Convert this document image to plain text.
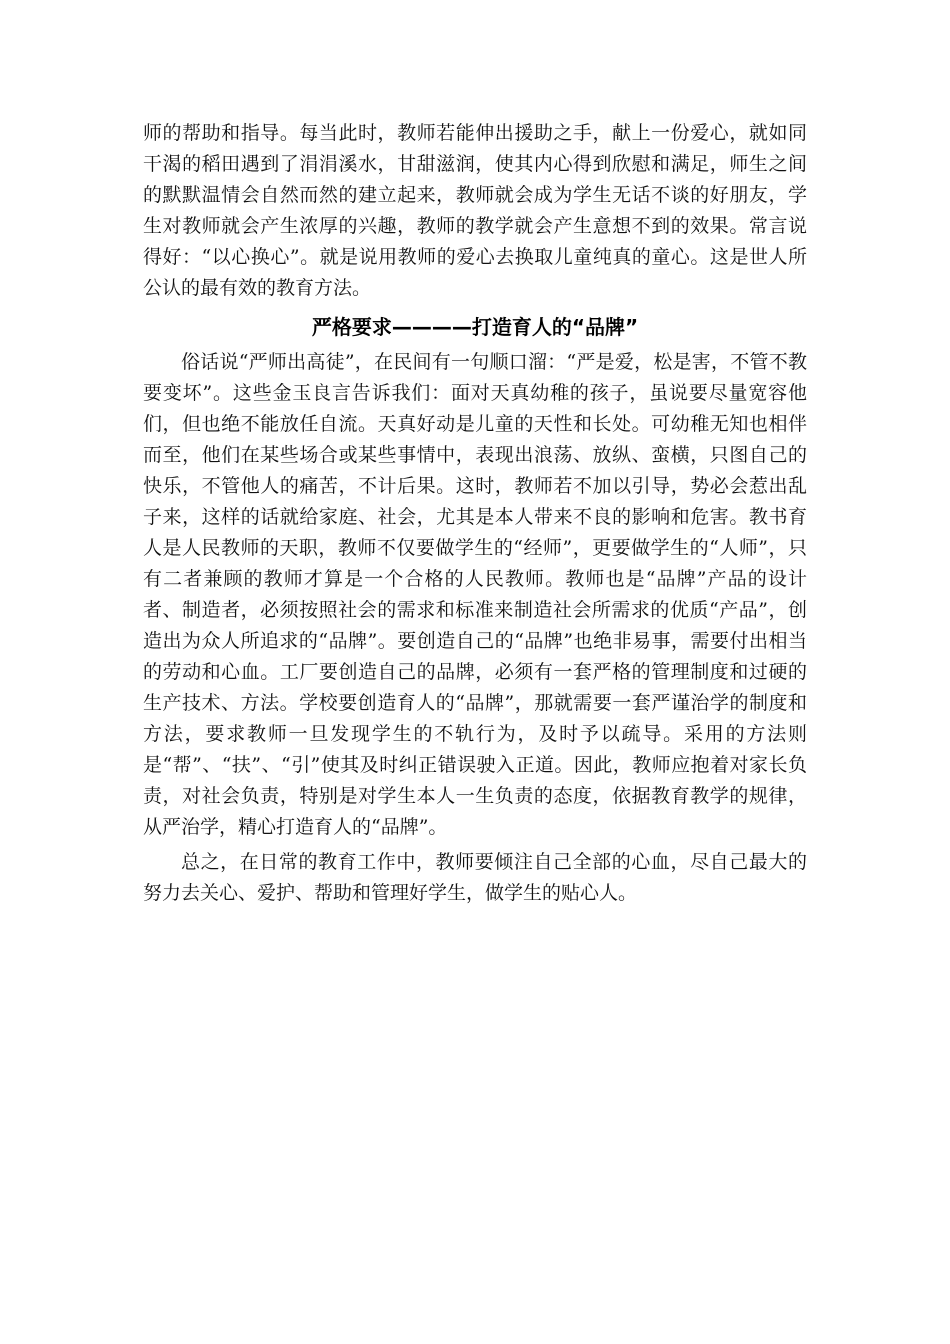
师的帮助和指导。每当此时，教师若能伸出援助之手，献上一份爱心，就如同干渴的稻田遇到了涓涓溪水，甘甜滋润，使其内心得到欣慰和满足，师生之间的默默温情会自然而然的建立起来，教师就会成为学生无话不谈的好朋友，学生对教师就会产生浓厚的兴趣，教师的教学就会产生意想不到的效果。常言说得好：“以心换心”。就是说用教师的爱心去换取儿童纯真的童心。这是世人所公认的最有效的教育方法。

严格要求————打造育人的“品牌”

俗话说“严师出高徒”，在民间有一句顺口溜：“严是爱，松是害，不管不教要变坏”。这些金玉良言告诉我们：面对天真幼稚的孩子，虽说要尽量宽容他们，但也绝不能放任自流。天真好动是儿童的天性和长处。可幼稚无知也相伴而至，他们在某些场合或某些事情中，表现出浪荡、放纵、蛮横，只图自己的快乐，不管他人的痛苦，不计后果。这时，教师若不加以引导，势必会惹出乱子来，这样的话就给家庭、社会，尤其是本人带来不良的影响和危害。教书育人是人民教师的天职，教师不仅要做学生的“经师”，更要做学生的“人师”，只有二者兼顾的教师才算是一个合格的人民教师。教师也是“品牌”产品的设计者、制造者，必须按照社会的需求和标准来制造社会所需求的优质“产品”，创造出为众人所追求的“品牌”。要创造自己的“品牌”也绝非易事，需要付出相当的劳动和心血。工厂要创造自己的品牌，必须有一套严格的管理制度和过硬的生产技术、方法。学校要创造育人的“品牌”，那就需要一套严谨治学的制度和方法，要求教师一旦发现学生的不轨行为，及时予以疏导。采用的方法则是“帮”、“扶”、“引”使其及时纠正错误驶入正道。因此，教师应抱着对家长负责，对社会负责，特别是对学生本人一生负责的态度，依据教育教学的规律，从严治学，精心打造育人的“品牌”。

总之，在日常的教育工作中，教师要倾注自己全部的心血，尽自己最大的努力去关心、爱护、帮助和管理好学生，做学生的贴心人。
